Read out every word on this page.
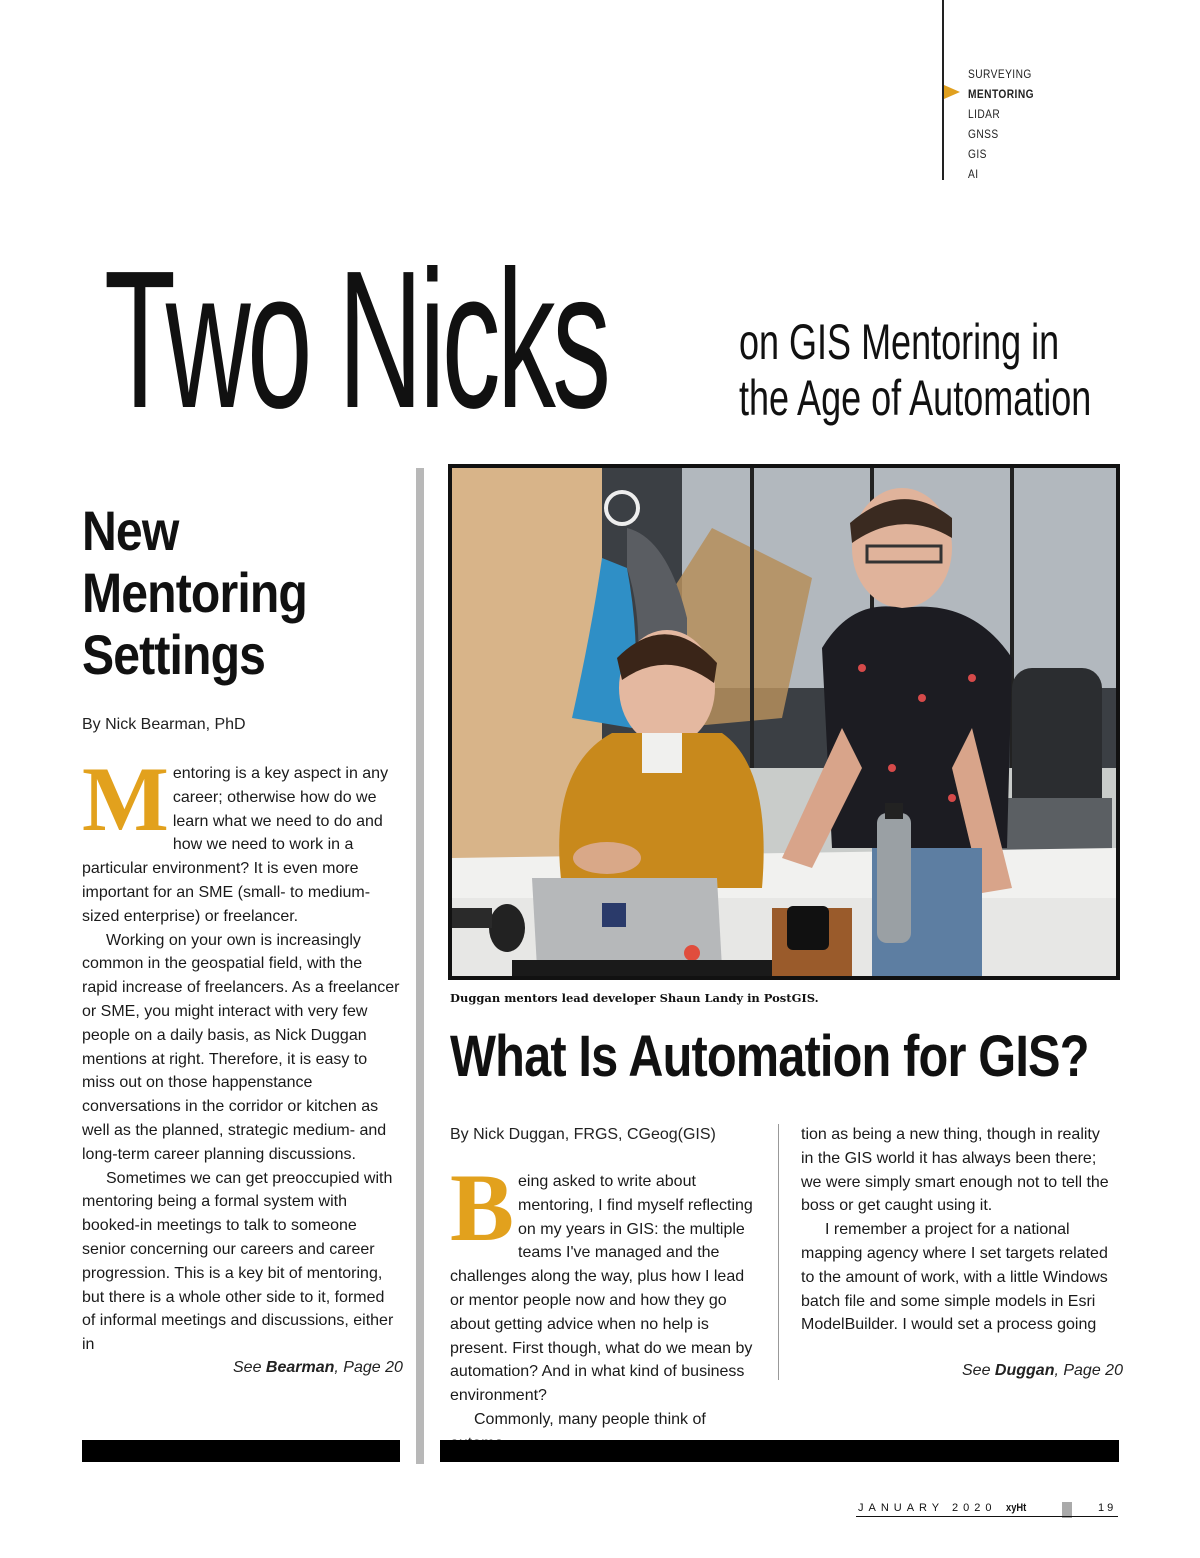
SURVEYING
MENTORING
LIDAR
GNSS
GIS
AI
Two Nicks	on GIS Mentoring in
the Age of Automation
New
Mentoring
Settings
By Nick Bearman, PhD

Mentoring is a key aspect in any career; otherwise how do we learn what we need to do and how we need to work in a particular environment? It is even more important for an SME (small- to medium-sized enterprise) or freelancer.

Working on your own is increasingly common in the geospatial field, with the rapid increase of freelancers. As a freelancer or SME, you might interact with very few people on a daily basis, as Nick Duggan mentions at right. Therefore, it is easy to miss out on those happenstance conversations in the corridor or kitchen as well as the planned, strategic medium- and long-term career planning discussions.

Sometimes we can get preoccupied with mentoring being a formal system with booked-in meetings to talk to someone senior concerning our careers and career progression. This is a key bit of mentoring, but there is a whole other side to it, formed of informal meetings and discussions, either in

See Bearman, Page 20
Duggan mentors lead developer Shaun Landy in PostGIS.
What Is Automation for GIS?
By Nick Duggan, FRGS, CGeog(GIS)

Being asked to write about mentoring, I find myself reflecting on my years in GIS: the multiple teams I've managed and the challenges along the way, plus how I lead or mentor people now and how they go about getting advice when no help is present. First though, what do we mean by automation? And in what kind of business environment?

Commonly, many people think of

tion as being a new thing, though in reality in the GIS world it has always been there; we were simply smart enough not to tell the boss or get caught using it.

I remember a project for a national mapping agency where I set targets related to the amount of work, with a little Windows batch file and some simple models in Esri ModelBuilder. I would set a process going

See Duggan, Page 20
JANUARY 2020 xyHt	19
